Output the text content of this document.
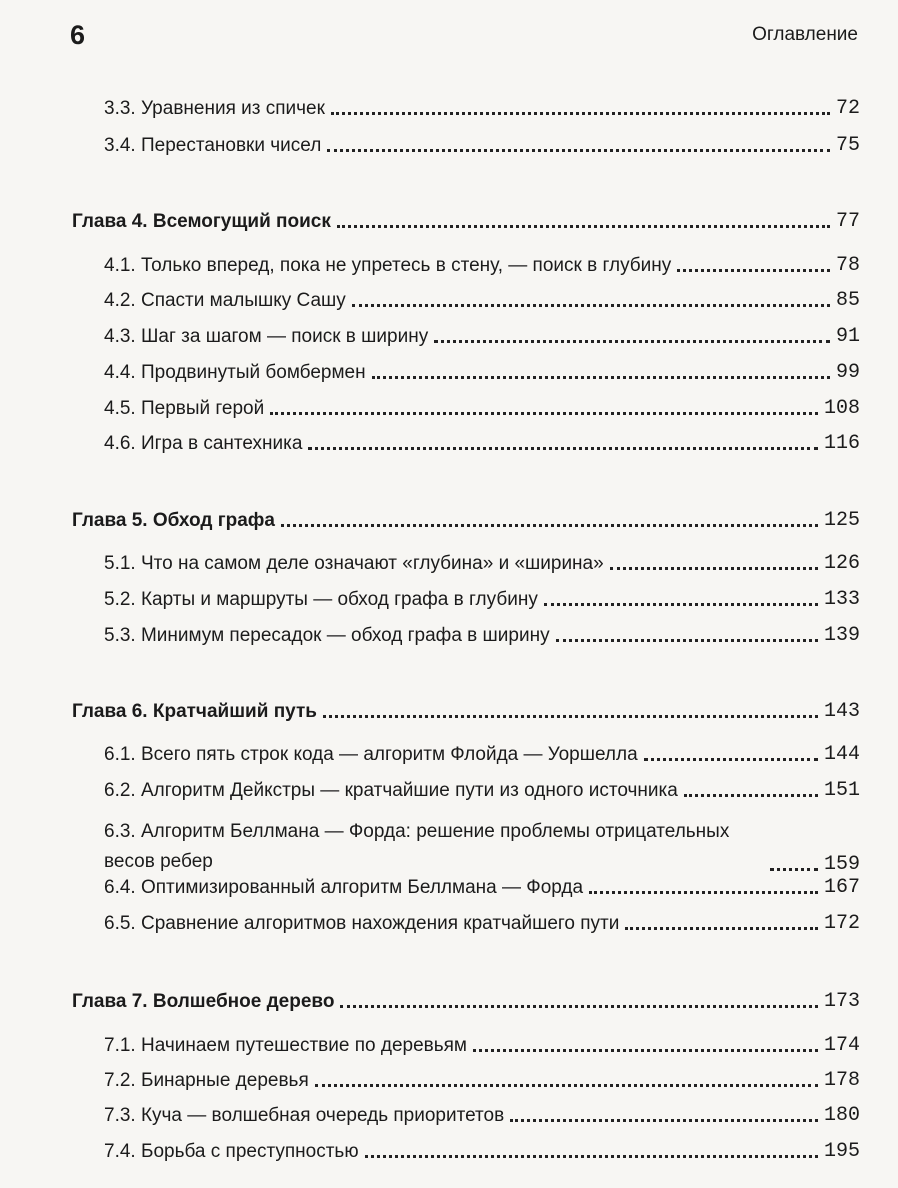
6	Оглавление
3.3. Уравнения из спичек	72
3.4. Перестановки чисел	75
Глава 4. Всемогущий поиск	77
4.1. Только вперед, пока не упретесь в стену, — поиск в глубину	78
4.2. Спасти малышку Сашу	85
4.3. Шаг за шагом — поиск в ширину	91
4.4. Продвинутый бомбермен	99
4.5. Первый герой	108
4.6. Игра в сантехника	116
Глава 5. Обход графа	125
5.1. Что на самом деле означают «глубина» и «ширина»	126
5.2. Карты и маршруты — обход графа в глубину	133
5.3. Минимум пересадок — обход графа в ширину	139
Глава 6. Кратчайший путь	143
6.1. Всего пять строк кода — алгоритм Флойда — Уоршелла	144
6.2. Алгоритм Дейкстры — кратчайшие пути из одного источника	151
6.3. Алгоритм Беллмана — Форда: решение проблемы отрицательных весов ребер	159
6.4. Оптимизированный алгоритм Беллмана — Форда	167
6.5. Сравнение алгоритмов нахождения кратчайшего пути	172
Глава 7. Волшебное дерево	173
7.1. Начинаем путешествие по деревьям	174
7.2. Бинарные деревья	178
7.3. Куча — волшебная очередь приоритетов	180
7.4. Борьба с преступностью	195
